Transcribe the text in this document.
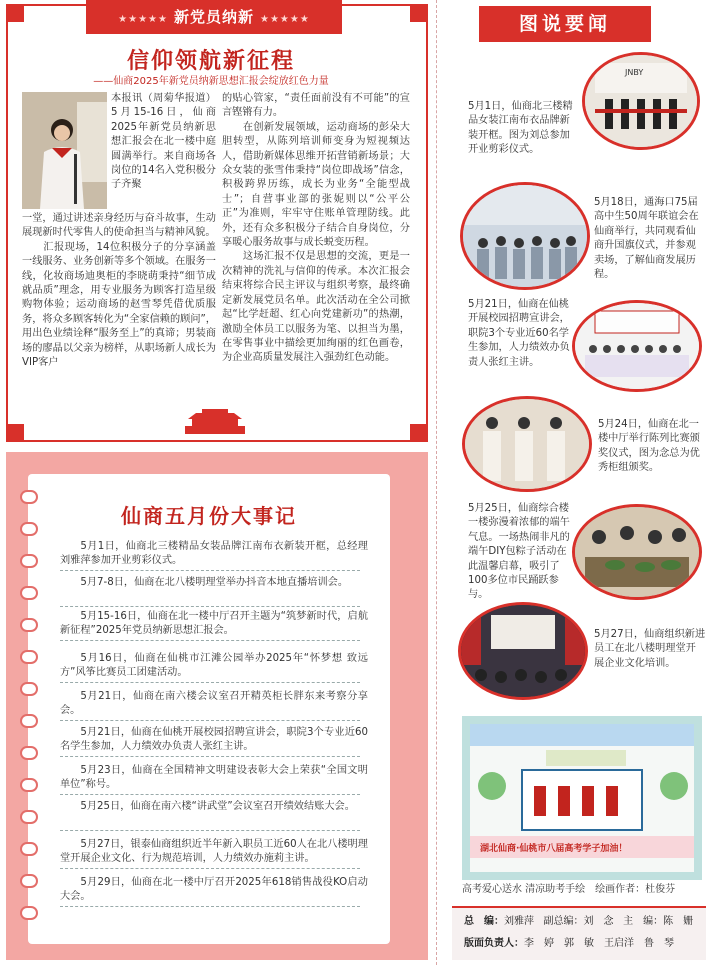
★★★★★ 新党员纳新 ★★★★★
信仰领航新征程
——仙商2025年新党员纳新思想汇报会绽放红色力量
本报讯（周菊华报道）5月15-16日，仙商2025年新党员纳新思想汇报会在北一楼中庭圆满举行。来自商场各岗位的14名入党积极分子齐聚
一堂，通过讲述亲身经历与奋斗故事，生动展现新时代零售人的使命担当与精神风貌。
　　汇报现场，14位积极分子的分享涵盖一线服务、业务创新等多个领域。在服务一线，化妆商场迪奥柜的李晓萌秉持“细节成就品质”理念，用专业服务为顾客打造星级购物体验；运动商场的赵雪琴凭借优质服务，将众多顾客转化为“全家信赖的顾问”，用出色业绩诠释“服务至上”的真谛；男装商场的廖晶以父亲为榜样，从职场新人成长为VIP客户
的贴心管家，“责任面前没有不可能”的宣言铿锵有力。
　　在创新发展领域，运动商场的彭朵大胆转型，从陈列培训师变身为短视频达人，借助新媒体思维开拓营销新场景；大众女装的张雪伟秉持“岗位即战场”信念，积极跨界历练，成长为业务“全能型战士”；自营事业部的张妮则以“公平公正”为准则，牢牢守住账单管理防线。此外，还有众多积极分子结合自身岗位，分享暖心服务故事与成长蜕变历程。
　　这场汇报不仅是思想的交流，更是一次精神的洗礼与信仰的传承。本次汇报会结束将综合民主评议与组织考察，最终确定新发展党员名单。此次活动在全公司掀起“比学赶超、红心向党建新功”的热潮，激励全体员工以服务为笔、以担当为墨，在零售事业中描绘更加绚丽的红色画卷，为企业高质量发展注入强劲红色动能。
仙商五月份大事记
5月1日，仙商北三楼精品女装品牌江南布衣新装开框，总经理刘雅萍参加开业剪彩仪式。
5月7-8日，仙商在北八楼明理堂举办抖音本地直播培训会。
5月15-16日，仙商在北一楼中厅召开主题为“筑梦新时代，启航新征程”2025年党员纳新思想汇报会。
5月16日，仙商在仙桃市江滩公园举办2025年“怀梦想 致远方”风筝比赛员工团建活动。
5月21日，仙商在南六楼会议室召开精英柜长胖东来考察分享会。
5月21日，仙商在仙桃开展校园招聘宣讲会，职院3个专业近60名学生参加，人力绩效办负责人张红主讲。
5月23日，仙商在全国精神文明建设表彰大会上荣获“全国文明单位”称号。
5月25日，仙商在南六楼“讲武堂”会议室召开绩效结账大会。
5月27日，银泰仙商组织近半年新入职员工近60人在北八楼明理堂开展企业文化、行为规范培训，人力绩效办施莉主讲。
5月29日，仙商在北一楼中厅召开2025年618销售战役KO启动大会。
图说要闻
JNBY
5月1日，仙商北三楼精品女装江南布衣品牌新装开框。图为刘总参加开业剪彩仪式。
5月18日，通海口75届高中生50周年联谊会在仙商举行，共同观看仙商升国旗仪式，并参观卖场，了解仙商发展历程。
5月21日，仙商在仙桃开展校园招聘宣讲会，职院3个专业近60名学生参加，人力绩效办负责人张红主讲。
5月24日，仙商在北一楼中厅举行陈列比赛颁奖仪式，图为念总为优秀柜组颁奖。
5月25日，仙商综合楼一楼弥漫着浓郁的端午气息。一场热闹非凡的端午DIY包粽子活动在此温馨启幕，吸引了100多位市民踊跃参与。
5月27日，仙商组织新进员工在北八楼明理堂开展企业文化培训。
湖北仙商·仙桃市八届高考学子加油！
高考爱心送水 清凉助考手绘　绘画作者：杜俊芬
总　编：刘雅萍 副总编：刘　念 主　编：陈　姗
版面负责人：李　婷　郭　敏　王启洋　鲁　琴
